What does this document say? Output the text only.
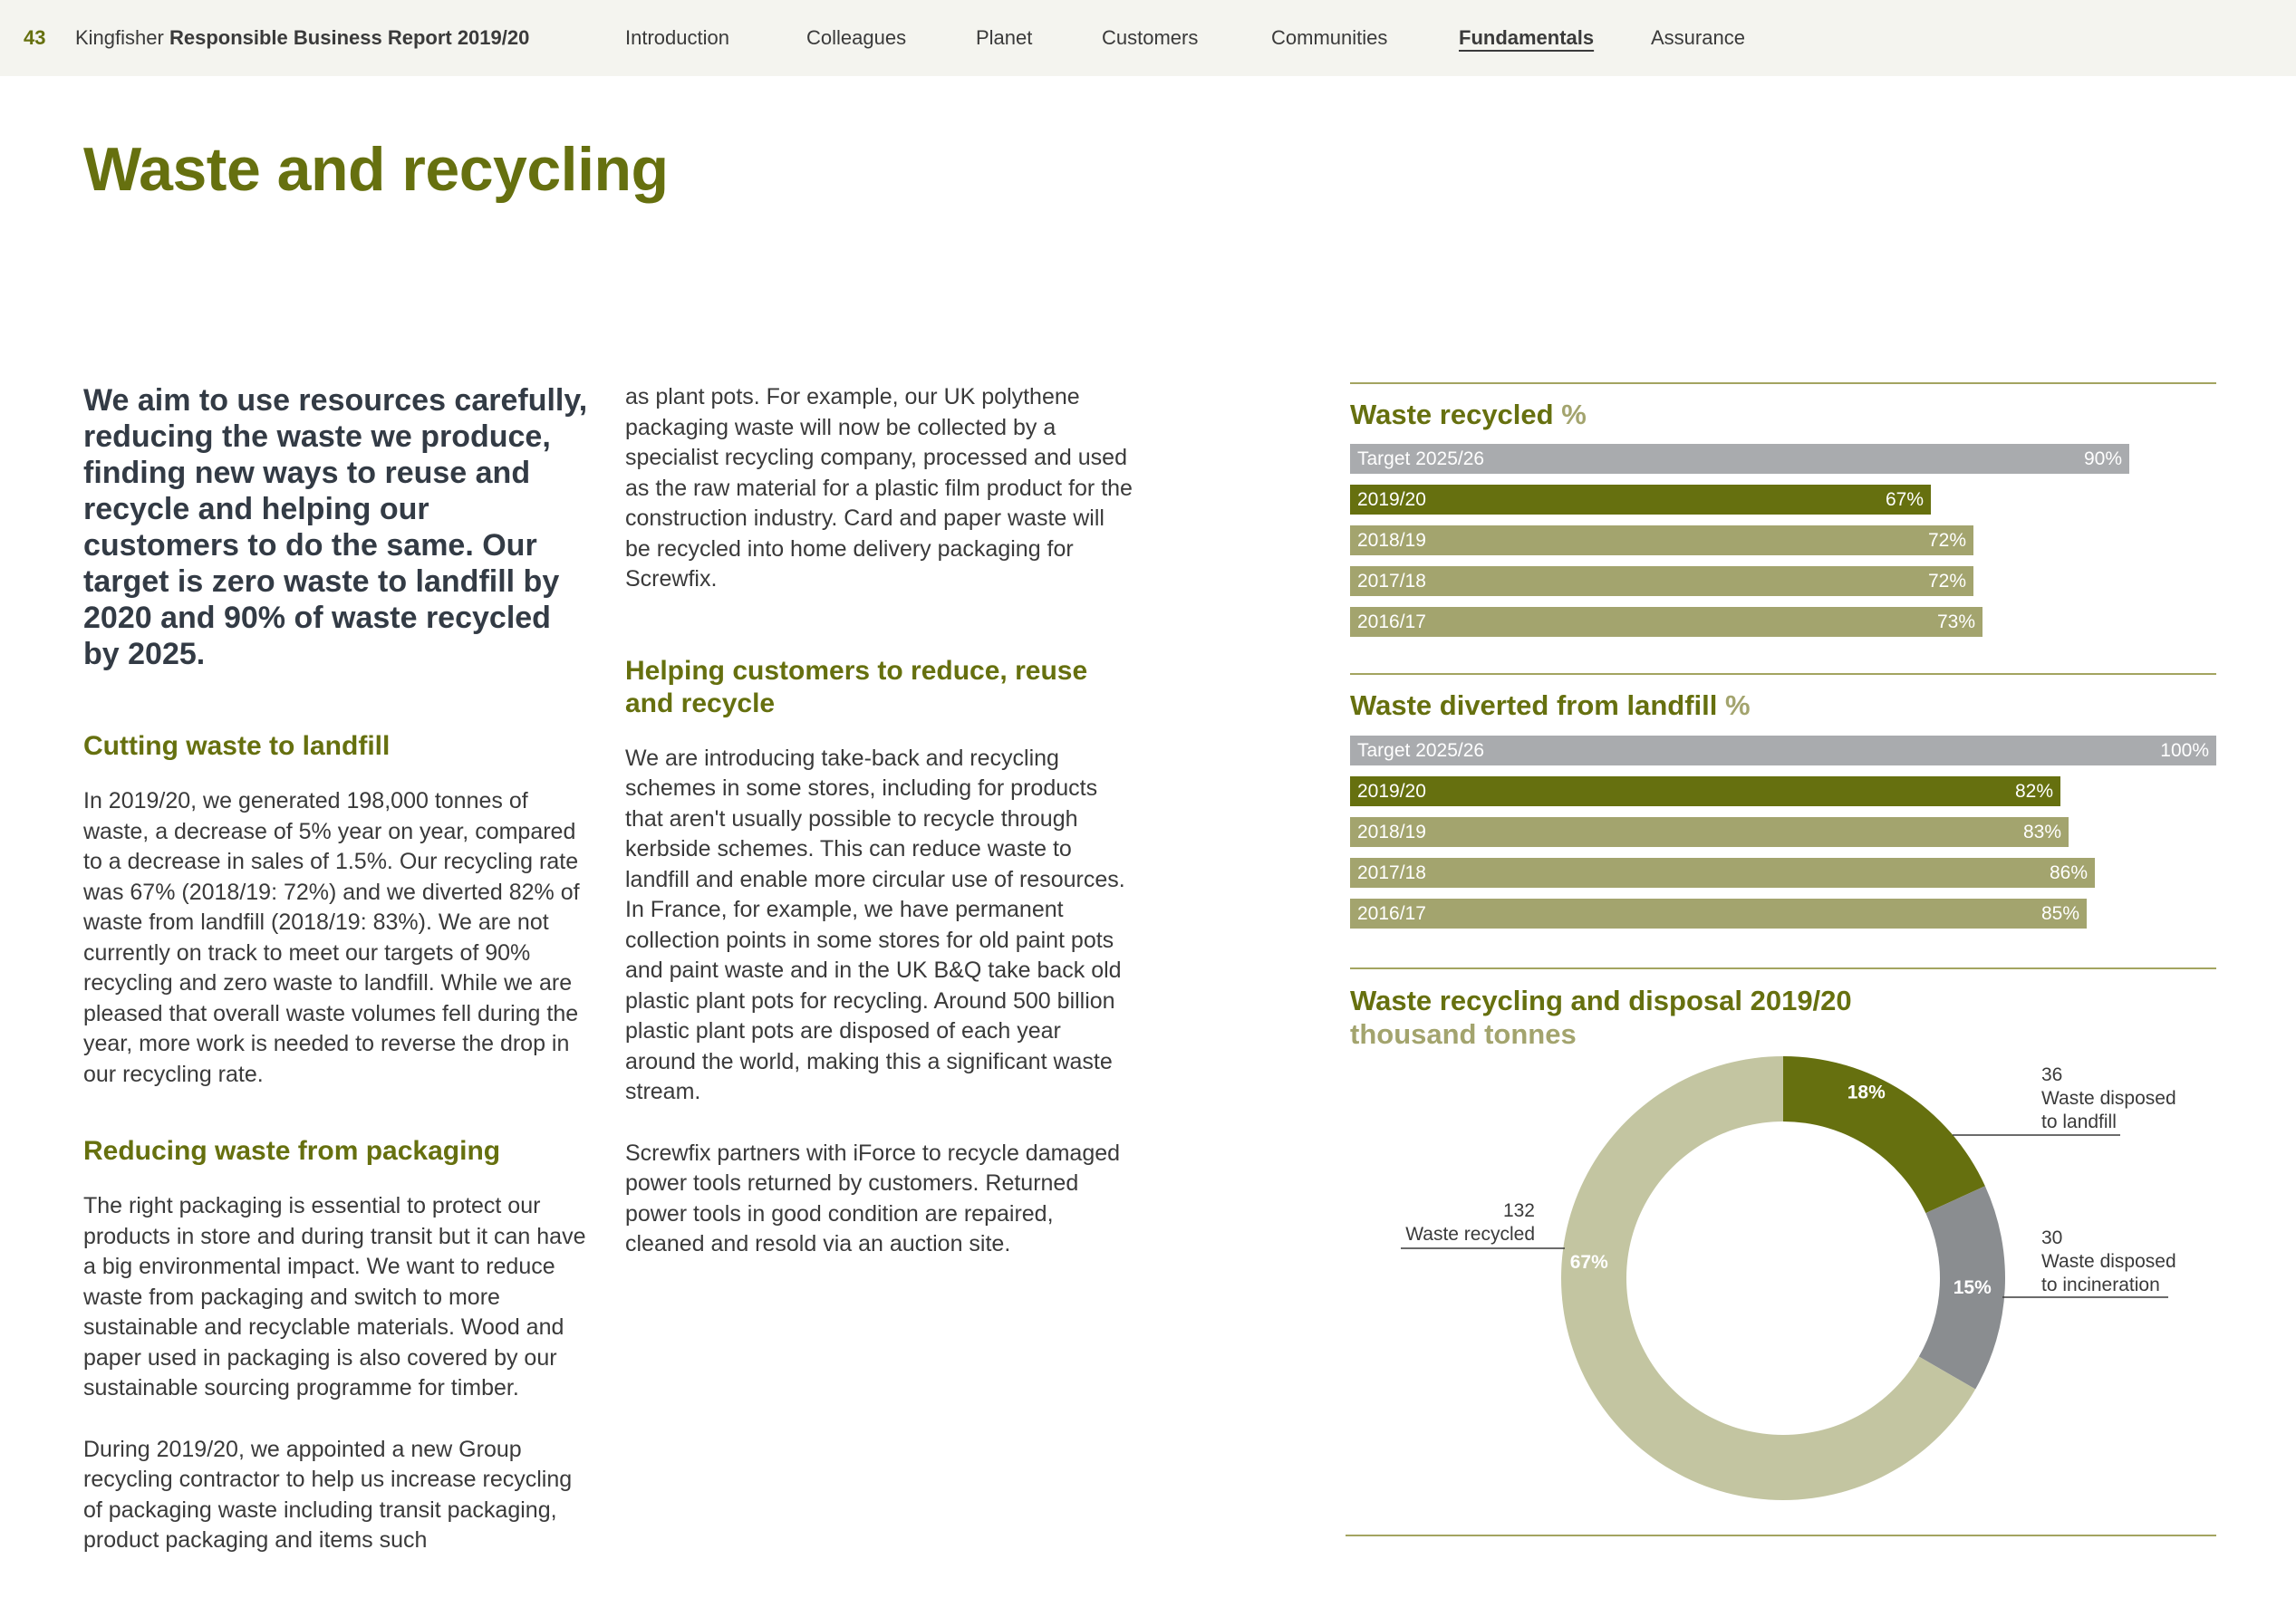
43 Kingfisher Responsible Business Report 2019/20	Introduction	Colleagues	Planet	Customers	Communities	Fundamentals	Assurance
Waste and recycling

We aim to use resources carefully, reducing the waste we produce, finding new ways to reuse and recycle and helping our customers to do the same. Our target is zero waste to landfill by 2020 and 90% of waste recycled by 2025.

Cutting waste to landfill

In 2019/20, we generated 198,000 tonnes of waste, a decrease of 5% year on year, compared to a decrease in sales of 1.5%. Our recycling rate was 67% (2018/19: 72%) and we diverted 82% of waste from landfill (2018/19: 83%). We are not currently on track to meet our targets of 90% recycling and zero waste to landfill. While we are pleased that overall waste volumes fell during the year, more work is needed to reverse the drop in our recycling rate.

Reducing waste from packaging

The right packaging is essential to protect our products in store and during transit but it can have a big environmental impact. We want to reduce waste from packaging and switch to more sustainable and recyclable materials. Wood and paper used in packaging is also covered by our sustainable sourcing programme for timber.

During 2019/20, we appointed a new Group recycling contractor to help us increase recycling of packaging waste including transit packaging, product packaging and items such

as plant pots. For example, our UK polythene packaging waste will now be collected by a specialist recycling company, processed and used as the raw material for a plastic film product for the construction industry. Card and paper waste will be recycled into home delivery packaging for Screwfix.

Helping customers to reduce, reuse and recycle

We are introducing take-back and recycling schemes in some stores, including for products that aren't usually possible to recycle through kerbside schemes. This can reduce waste to landfill and enable more circular use of resources. In France, for example, we have permanent collection points in some stores for old paint pots and paint waste and in the UK B&Q take back old plastic plant pots for recycling. Around 500 billion plastic plant pots are disposed of each year around the world, making this a significant waste stream.

Screwfix partners with iForce to recycle damaged power tools returned by customers. Returned power tools in good condition are repaired, cleaned and resold via an auction site.

Waste recycled %

Target 2025/26	90%
2019/20	67%
2018/19	72%
2017/18	72%
2016/17	73%

Waste diverted from landfill %

Target 2025/26	100%
2019/20	82%
2018/19	83%
2017/18	86%
2016/17	85%

Waste recycling and disposal 2019/20
thousand tonnes

18%
15%
67%
36
Waste disposed
to landfill
30
Waste disposed
to incineration
132
Waste recycled
